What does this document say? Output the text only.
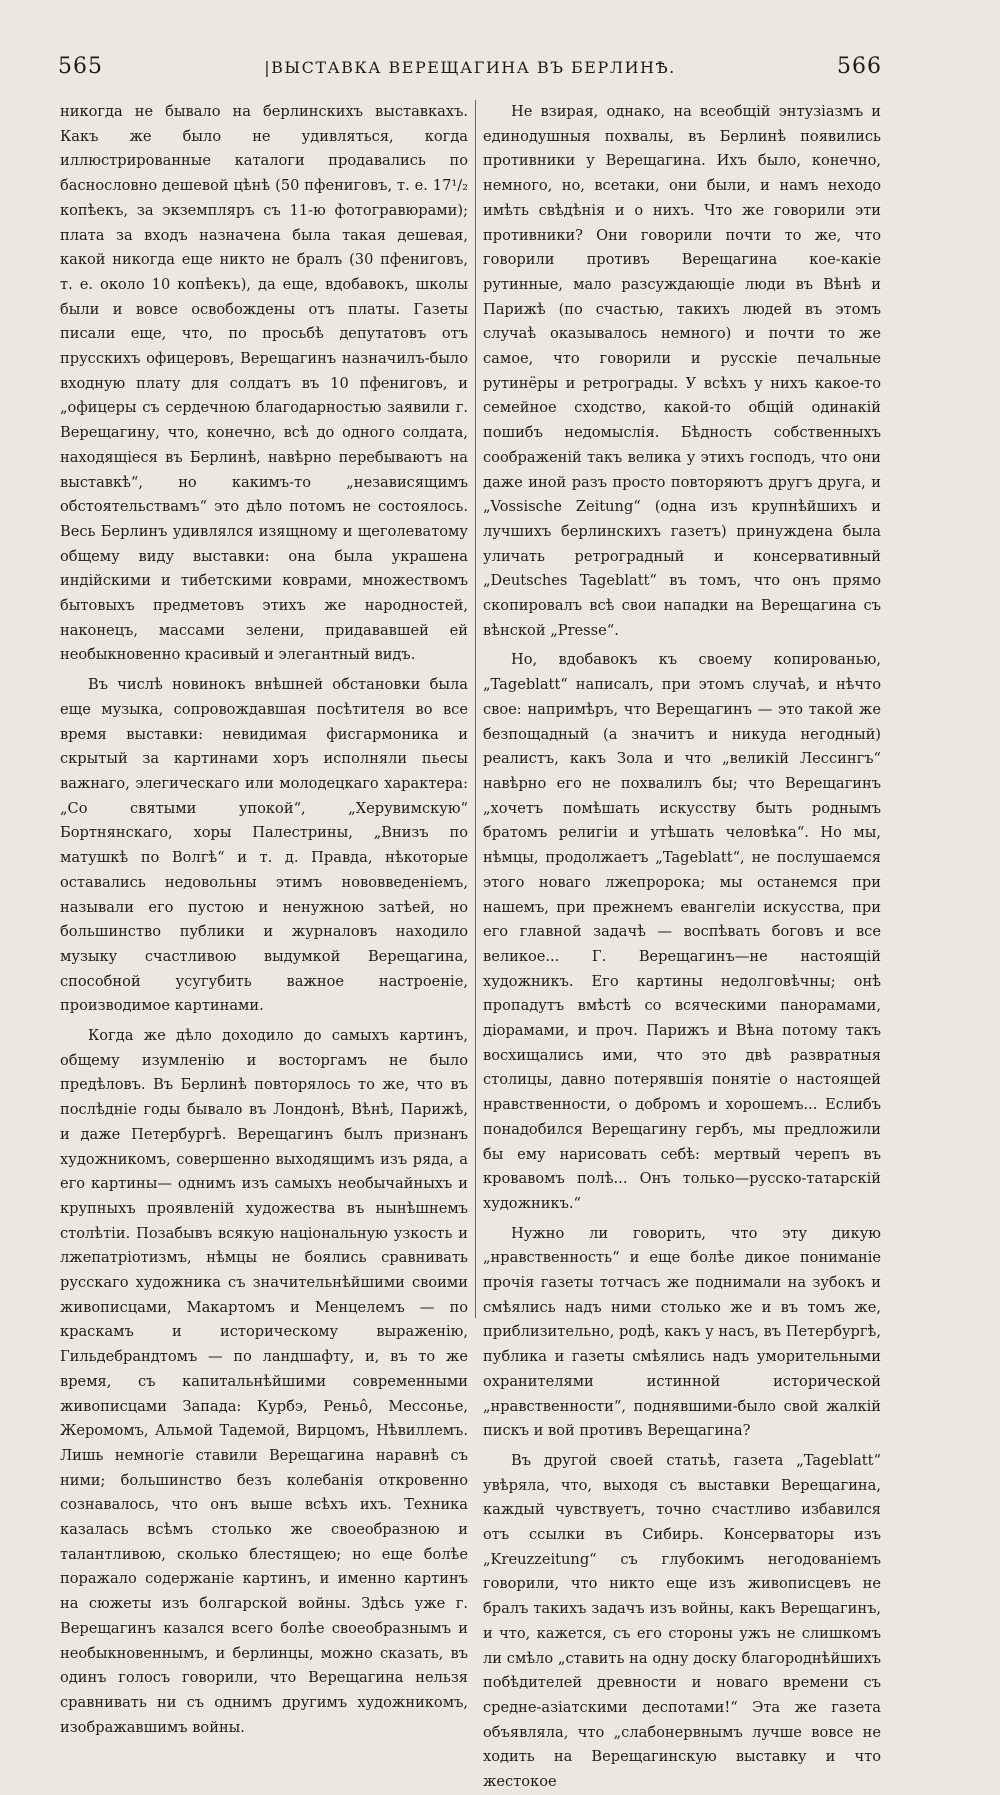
565	|ВЫСТАВКА ВЕРЕЩАГИНА ВЪ БЕРЛИНѢ.	566

никогда не бывало на берлинскихъ выставкахъ. Какъ же было не удивляться, когда иллюстрированные каталоги продавались по баснословно дешевой цѣнѣ (50 пфениговъ, т. е. 17¹/₂ копѣекъ, за экземпляръ съ 11-ю фотогравюрами); плата за входъ назначена была такая дешевая, какой никогда еще никто не бралъ (30 пфениговъ, т. е. около 10 копѣекъ), да еще, вдобавокъ, школы были и вовсе освобождены отъ платы. Газеты писали еще, что, по просьбѣ депутатовъ отъ прусскихъ офицеровъ, Верещагинъ назначилъ-было входную плату для солдатъ въ 10 пфениговъ, и „офицеры съ сердечною благодарностью заявили г. Верещагину, что, конечно, всѣ до одного солдата, находящіеся въ Берлинѣ, навѣрно перебываютъ на выставкѣ“, но какимъ-то „независящимъ обстоятельствамъ“ это дѣло потомъ не состоялось. Весь Берлинъ удивлялся изящному и щеголеватому общему виду выставки: она была украшена индійскими и тибетскими коврами, множествомъ бытовыхъ предметовъ этихъ же народностей, наконецъ, массами зелени, придававшей ей необыкновенно красивый и элегантный видъ.

Въ числѣ новинокъ внѣшней обстановки была еще музыка, сопровождавшая посѣтителя во все время выставки: невидимая фисгармоника и скрытый за картинами хоръ исполняли пьесы важнаго, элегическаго или молодецкаго характера: „Со святыми упокой“, „Херувимскую“ Бортнянскаго, хоры Палестрины, „Внизъ по матушкѣ по Волгѣ“ и т. д. Правда, нѣкоторые оставались недовольны этимъ нововведеніемъ, называли его пустою и ненужною затѣей, но большинство публики и журналовъ находило музыку счастливою выдумкой Верещагина, способной усугубить важное настроеніе, производимое картинами.

Когда же дѣло доходило до самыхъ картинъ, общему изумленію и восторгамъ не было предѣловъ. Въ Берлинѣ повторялось то же, что въ послѣдніе годы бывало въ Лондонѣ, Вѣнѣ, Парижѣ, и даже Петербургѣ. Верещагинъ былъ признанъ художникомъ, совершенно выходящимъ изъ ряда, а его картины— однимъ изъ самыхъ необычайныхъ и крупныхъ проявленій художества въ нынѣшнемъ столѣтіи. Позабывъ всякую національную узкость и лжепатріотизмъ, нѣмцы не боялись сравнивать русскаго художника съ значительнѣйшими своими живописцами, Макартомъ и Менцелемъ — по краскамъ и историческому выраженію, Гильдебрандтомъ — по ландшафту, и, въ то же время, съ капитальнѣйшими современными живописцами Запада: Курбэ, Реньô, Мессонье, Жеромомъ, Альмой Тадемой, Вирцомъ, Нѣвиллемъ. Лишь немногіе ставили Верещагина наравнѣ съ ними; большинство безъ колебанія откровенно сознавалось, что онъ выше всѣхъ ихъ. Техника казалась всѣмъ столько же своеобразною и талантливою, сколько блестящею; но еще болѣе поражало содержаніе картинъ, и именно картинъ на сюжеты изъ болгарской войны. Здѣсь уже г. Верещагинъ казался всего болѣе своеобразнымъ и необыкновеннымъ, и берлинцы, можно сказать, въ одинъ голосъ говорили, что Верещагина нельзя сравнивать ни съ однимъ другимъ художникомъ, изображавшимъ войны.

Не взирая, однако, на всеобщій энтузіазмъ и единодушныя похвалы, въ Берлинѣ появились противники у Верещагина. Ихъ было, конечно, немного, но, всетаки, они были, и намъ неходо имѣть свѣдѣнія и о нихъ. Что же говорили эти противники? Они говорили почти то же, что говорили противъ Верещагина кое-какіе рутинные, мало разсуждающіе люди въ Вѣнѣ и Парижѣ (по счастью, такихъ людей въ этомъ случаѣ оказывалось немного) и почти то же самое, что говорили и русскіе печальные рутинёры и ретрограды. У всѣхъ у нихъ какое-то семейное сходство, какой-то общій одинакій пошибъ недомыслія. Бѣдность собственныхъ соображеній такъ велика у этихъ господъ, что они даже иной разъ просто повторяютъ другъ друга, и „Vossische Zeitung“ (одна изъ крупнѣйшихъ и лучшихъ берлинскихъ газетъ) принуждена была уличать ретроградный и консервативный „Deutsches Tageblatt“ въ томъ, что онъ прямо скопировалъ всѣ свои нападки на Верещагина съ вѣнской „Presse“.

Но, вдобавокъ къ своему копированью, „Tageblatt“ написалъ, при этомъ случаѣ, и нѣчто свое: напримѣръ, что Верещагинъ — это такой же безпощадный (а значитъ и никуда негодный) реалистъ, какъ Зола и что „великій Лессингъ“ навѣрно его не похвалилъ бы; что Верещагинъ „хочетъ помѣшать искусству быть роднымъ братомъ религіи и утѣшать человѣка“. Но мы, нѣмцы, продолжаетъ „Tageblatt“, не послушаемся этого новаго лжепророка; мы останемся при нашемъ, при прежнемъ евангеліи искусства, при его главной задачѣ — воспѣвать боговъ и все великое... Г. Верещагинъ—не настоящій художникъ. Его картины недолговѣчны; онѣ пропадутъ вмѣстѣ со всяческими панорамами, діорамами, и проч. Парижъ и Вѣна потому такъ восхищались ими, что это двѣ развратныя столицы, давно потерявшія понятіе о настоящей нравственности, о добромъ и хорошемъ... Еслибъ понадобился Верещагину гербъ, мы предложили бы ему нарисовать себѣ: мертвый черепъ въ кровавомъ полѣ... Онъ только—русско-татарскій художникъ.“

Нужно ли говорить, что эту дикую „нравственность“ и еще болѣе дикое пониманіе прочія газеты тотчасъ же поднимали на зубокъ и смѣялись надъ ними столько же и въ томъ же, приблизительно, родѣ, какъ у насъ, въ Петербургѣ, публика и газеты смѣялись надъ уморительными охранителями истинной исторической „нравственности“, поднявшими-было свой жалкій пискъ и вой противъ Верещагина?

Въ другой своей статьѣ, газета „Tageblatt“ увѣряла, что, выходя съ выставки Верещагина, каждый чувствуетъ, точно счастливо избавился отъ ссылки въ Сибирь. Консерваторы изъ „Kreuzzeitung“ съ глубокимъ негодованіемъ говорили, что никто еще изъ живописцевъ не бралъ такихъ задачъ изъ войны, какъ Верещагинъ, и что, кажется, съ его стороны ужъ не слишкомъ ли смѣло „ставить на одну доску благороднѣйшихъ побѣдителей древности и новаго времени съ средне-азіатскими деспотами!“ Эта же газета объявляла, что „слабонервнымъ лучше вовсе не ходить на Верещагинскую выставку и что жестокое
